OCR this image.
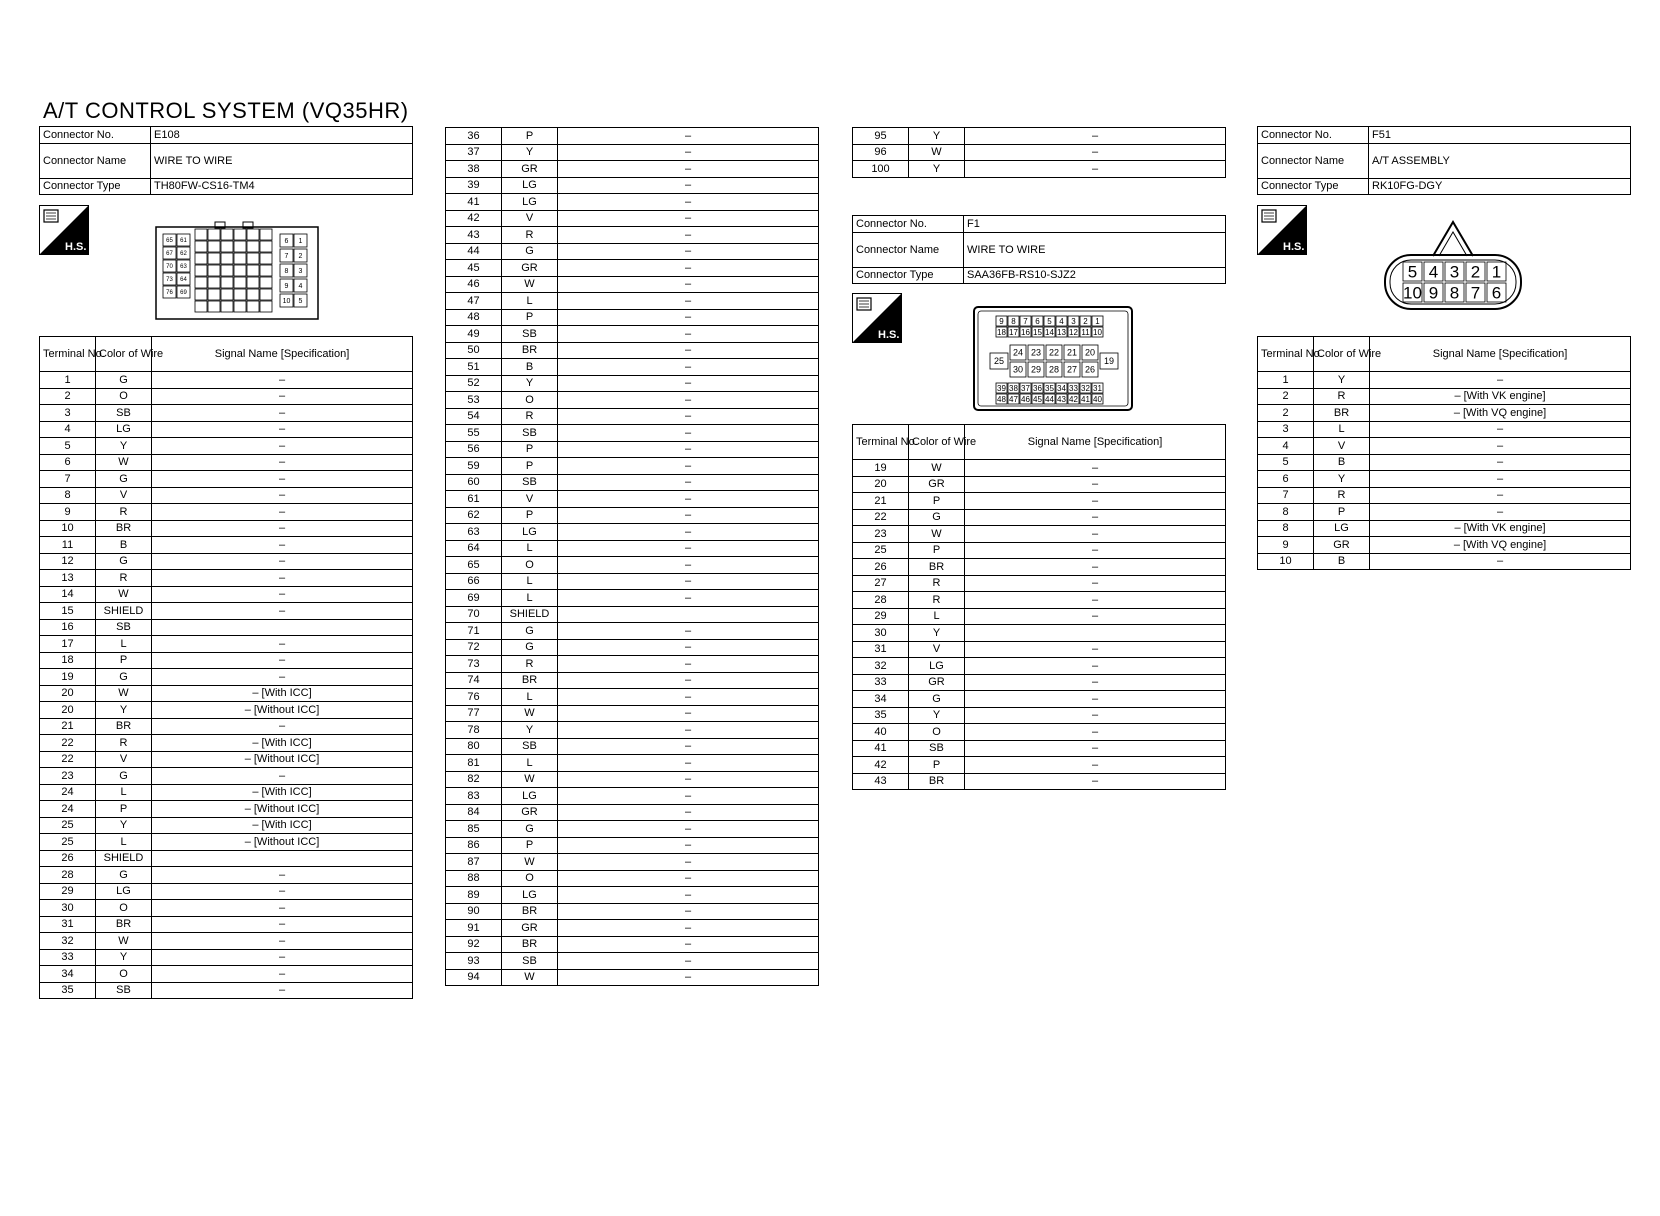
A/T CONTROL SYSTEM (VQ35HR)
Connector No.	E108
Connector Name	WIRE TO WIRE
Connector Type	TH80FW-CS16-TM4
H.S.	65 61
67 62
70 63
73 64
76 69
6 1
7 2
8 3
9 4
10 5
Terminal No.	Color of Wire	Signal Name [Specification]
1	G	–
2	O	–
3	SB	–
4	LG	–
5	Y	–
6	W	–
7	G	–
8	V	–
9	R	–
10	BR	–
11	B	–
12	G	–
13	R	–
14	W	–
15	SHIELD	–
16	SB	
17	L	–
18	P	–
19	G	–
20	W	– [With ICC]
20	Y	– [Without ICC]
21	BR	–
22	R	– [With ICC]
22	V	– [Without ICC]
23	G	–
24	L	– [With ICC]
24	P	– [Without ICC]
25	Y	– [With ICC]
25	L	– [Without ICC]
26	SHIELD	
28	G	–
29	LG	–
30	O	–
31	BR	–
32	W	–
33	Y	–
34	O	–
35	SB	–
36	P	–
37	Y	–
38	GR	–
39	LG	–
41	LG	–
42	V	–
43	R	–
44	G	–
45	GR	–
46	W	–
47	L	–
48	P	–
49	SB	–
50	BR	–
51	B	–
52	Y	–
53	O	–
54	R	–
55	SB	–
56	P	–
59	P	–
60	SB	–
61	V	–
62	P	–
63	LG	–
64	L	–
65	O	–
66	L	–
69	L	–
70	SHIELD	
71	G	–
72	G	–
73	R	–
74	BR	–
76	L	–
77	W	–
78	Y	–
80	SB	–
81	L	–
82	W	–
83	LG	–
84	GR	–
85	G	–
86	P	–
87	W	–
88	O	–
89	LG	–
90	BR	–
91	GR	–
92	BR	–
93	SB	–
94	W	–
95	Y	–
96	W	–
100	Y	–
Connector No.	F1
Connector Name	WIRE TO WIRE
Connector Type	SAA36FB-RS10-SJZ2
H.S.
9 8 7 6 5 4 3 2 1
18 17 16 15 14 13 12 11 10
24 23 22 21 20
30 29 28 27 26
39 38 37 36 35 34 33 32 31
48 47 46 45 44 43 42 41 40
25	19
Terminal No.	Color of Wire	Signal Name [Specification]
19	W	–
20	GR	–
21	P	–
22	G	–
23	W	–
25	P	–
26	BR	–
27	R	–
28	R	–
29	L	–
30	Y	
31	V	–
32	LG	–
33	GR	–
34	G	–
35	Y	–
40	O	–
41	SB	–
42	P	–
43	BR	–
Connector No.	F51
Connector Name	A/T ASSEMBLY
Connector Type	RK10FG-DGY
H.S.
5 4 3 2 1
10 9 8 7 6
Terminal No.	Color of Wire	Signal Name [Specification]
1	Y	–
2	R	– [With VK engine]
2	BR	– [With VQ engine]
3	L	–
4	V	–
5	B	–
6	Y	–
7	R	–
8	P	–
8	LG	– [With VK engine]
9	GR	– [With VQ engine]
10	B	–
